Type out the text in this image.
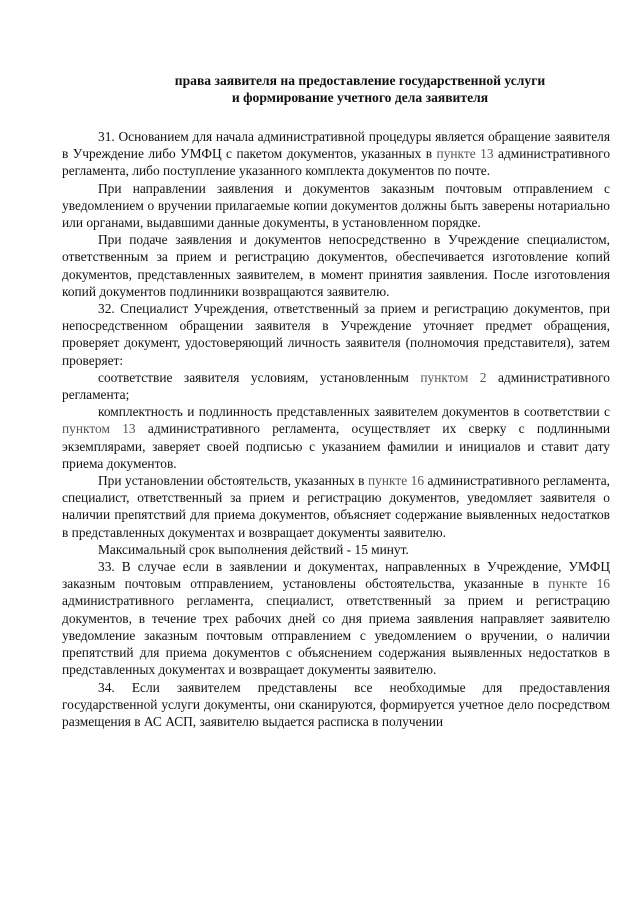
права заявителя на предоставление государственной услуги
и формирование учетного дела заявителя

31. Основанием для начала административной процедуры является обращение заявителя в Учреждение либо УМФЦ с пакетом документов, указанных в пункте 13 административного регламента, либо поступление указанного комплекта документов по почте.

При направлении заявления и документов заказным почтовым отправлением с уведомлением о вручении прилагаемые копии документов должны быть заверены нотариально или органами, выдавшими данные документы, в установленном порядке.

При подаче заявления и документов непосредственно в Учреждение специалистом, ответственным за прием и регистрацию документов, обеспечивается изготовление копий документов, представленных заявителем, в момент принятия заявления. После изготовления копий документов подлинники возвращаются заявителю.

32. Специалист Учреждения, ответственный за прием и регистрацию документов, при непосредственном обращении заявителя в Учреждение уточняет предмет обращения, проверяет документ, удостоверяющий личность заявителя (полномочия представителя), затем проверяет:

соответствие заявителя условиям, установленным пунктом 2 административного регламента;

комплектность и подлинность представленных заявителем документов в соответствии с пунктом 13 административного регламента, осуществляет их сверку с подлинными экземплярами, заверяет своей подписью с указанием фамилии и инициалов и ставит дату приема документов.

При установлении обстоятельств, указанных в пункте 16 административного регламента, специалист, ответственный за прием и регистрацию документов, уведомляет заявителя о наличии препятствий для приема документов, объясняет содержание выявленных недостатков в представленных документах и возвращает документы заявителю.

Максимальный срок выполнения действий - 15 минут.

33. В случае если в заявлении и документах, направленных в Учреждение, УМФЦ заказным почтовым отправлением, установлены обстоятельства, указанные в пункте 16 административного регламента, специалист, ответственный за прием и регистрацию документов, в течение трех рабочих дней со дня приема заявления направляет заявителю уведомление заказным почтовым отправлением с уведомлением о вручении, о наличии препятствий для приема документов с объяснением содержания выявленных недостатков в представленных документах и возвращает документы заявителю.

34. Если заявителем представлены все необходимые для предоставления государственной услуги документы, они сканируются, формируется учетное дело посредством размещения в АС АСП, заявителю выдается расписка в получении
